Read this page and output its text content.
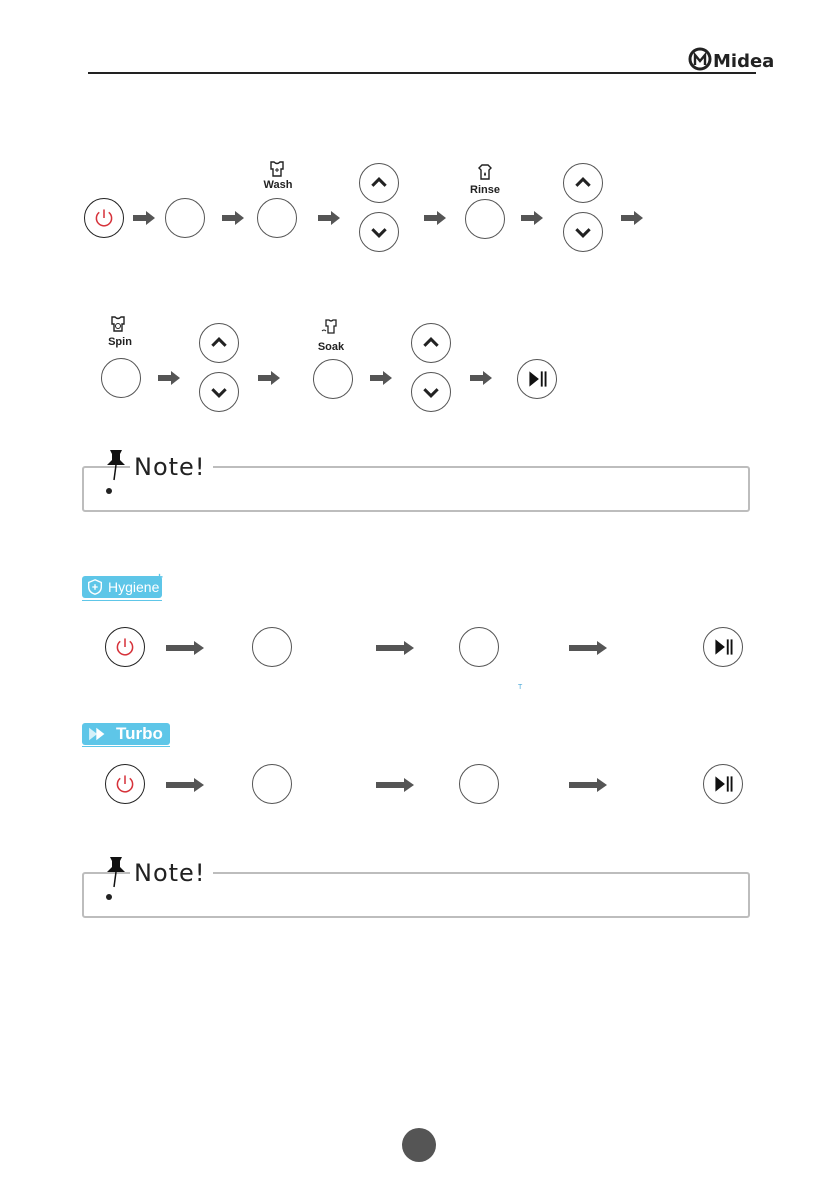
Midea
Wash	Rinse
Spin	Soak
Note!
Hygiene
+
T
Turbo
Note!
